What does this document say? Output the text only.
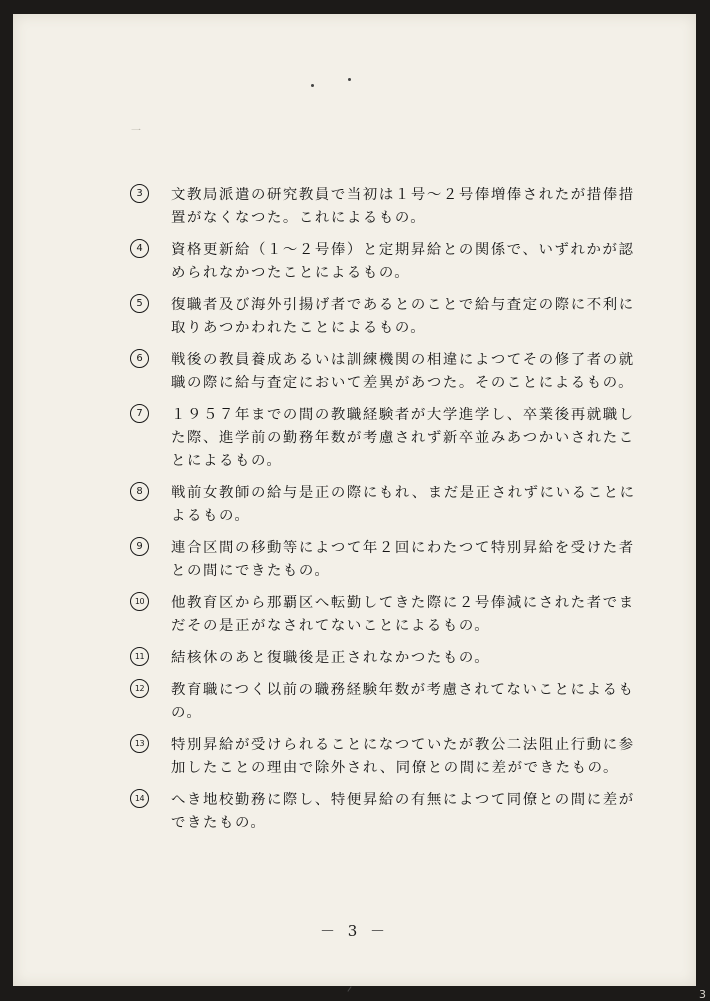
一　　　　　　　　　　　　　　　　　　　　　　　　　
3	文教局派遣の研究教員で当初は１号～２号俸増俸されたが措俸措置がなくなつた。これによるもの。
4	資格更新給（１～２号俸）と定期昇給との関係で、いずれかが認められなかつたことによるもの。
5	復職者及び海外引揚げ者であるとのことで給与査定の際に不利に取りあつかわれたことによるもの。
6	戦後の教員養成あるいは訓練機関の相違によつてその修了者の就職の際に給与査定において差異があつた。そのことによるもの。
7	１９５７年までの間の教職経験者が大学進学し、卒業後再就職した際、進学前の勤務年数が考慮されず新卒並みあつかいされたことによるもの。
8	戦前女教師の給与是正の際にもれ、まだ是正されずにいることによるもの。
9	連合区間の移動等によつて年２回にわたつて特別昇給を受けた者との間にできたもの。
10	他教育区から那覇区へ転勤してきた際に２号俸減にされた者でまだその是正がなされてないことによるもの。
11	結核休のあと復職後是正されなかつたもの。
12	教育職につく以前の職務経験年数が考慮されてないことによるもの。
13	特別昇給が受けられることになつていたが教公二法阻止行動に参加したことの理由で除外され、同僚との間に差ができたもの。
14	へき地校勤務に際し、特便昇給の有無によつて同僚との間に差ができたもの。
－ 3 －
3
